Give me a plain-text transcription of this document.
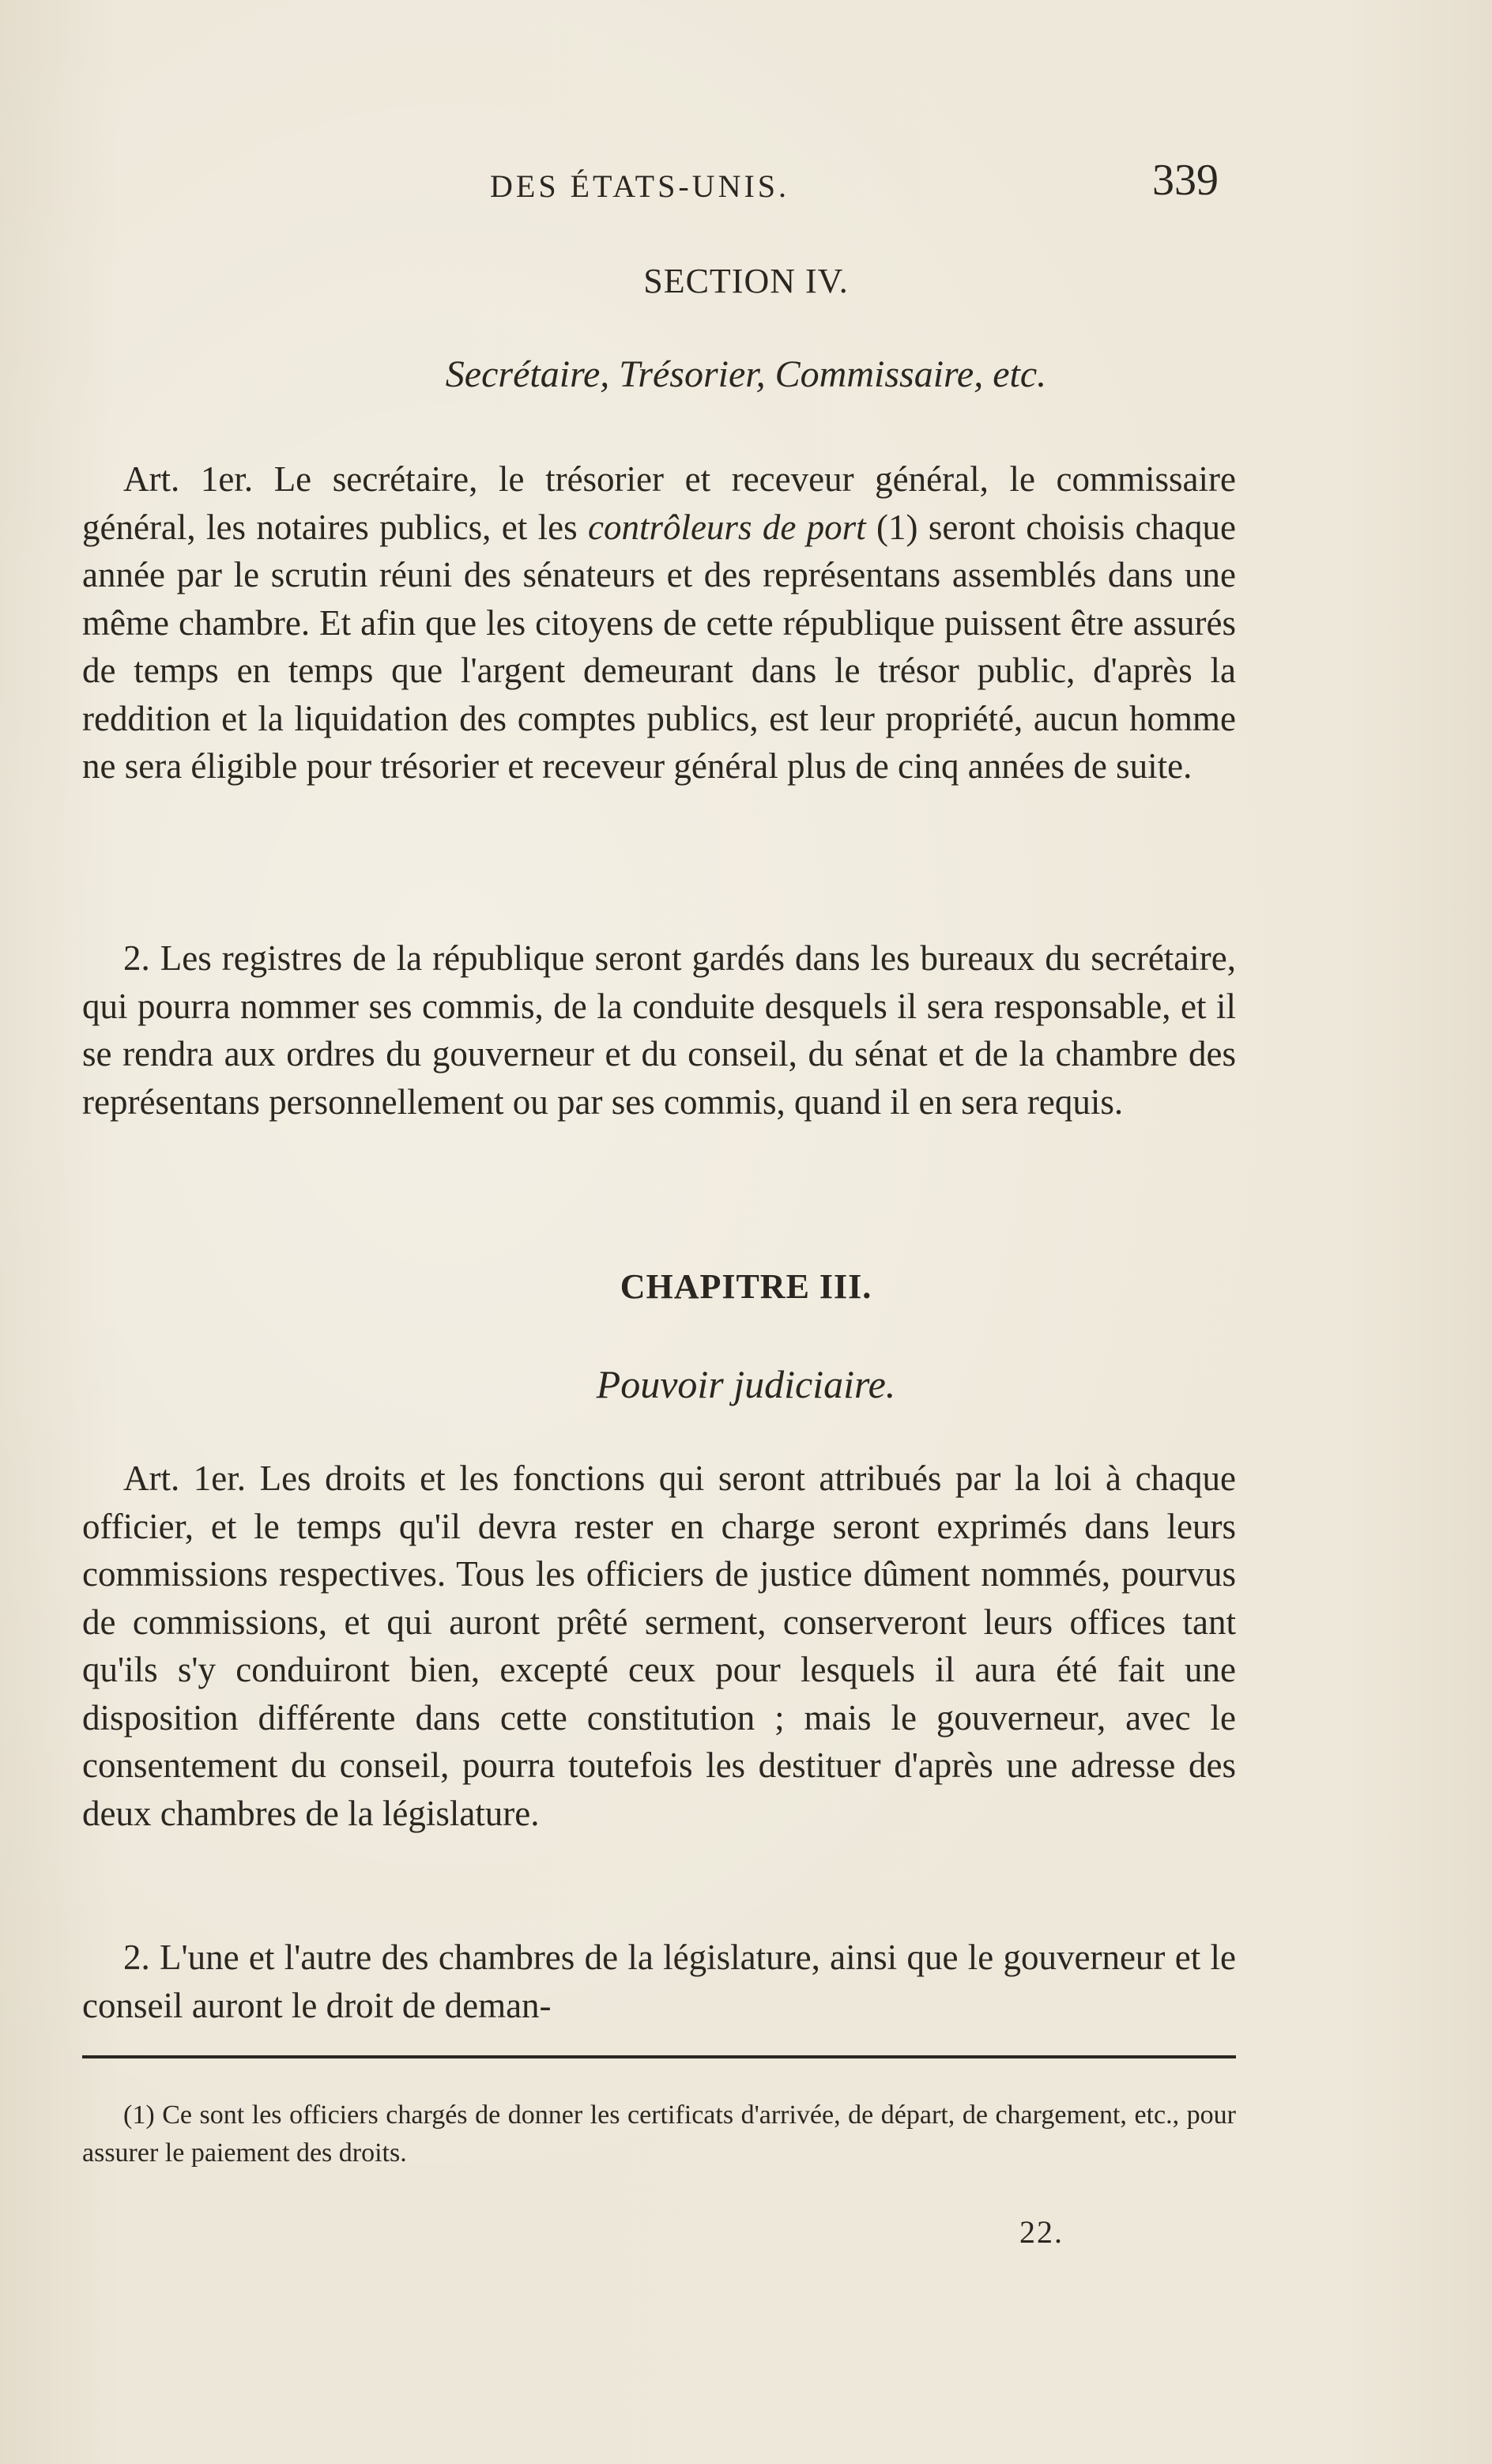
DES ÉTATS-UNIS.	339
SECTION IV.
Secrétaire, Trésorier, Commissaire, etc.

Art. 1er. Le secrétaire, le trésorier et receveur général, le commissaire général, les notaires publics, et les contrôleurs de port (1) seront choisis chaque année par le scrutin réuni des sénateurs et des représentans assemblés dans une même chambre. Et afin que les citoyens de cette république puissent être assurés de temps en temps que l'argent demeurant dans le trésor public, d'après la reddition et la liquidation des comptes publics, est leur propriété, aucun homme ne sera éligible pour trésorier et receveur général plus de cinq années de suite.

2. Les registres de la république seront gardés dans les bureaux du secrétaire, qui pourra nommer ses commis, de la conduite desquels il sera responsable, et il se rendra aux ordres du gouverneur et du conseil, du sénat et de la chambre des représentans personnellement ou par ses commis, quand il en sera requis.

CHAPITRE III.
Pouvoir judiciaire.

Art. 1er. Les droits et les fonctions qui seront attribués par la loi à chaque officier, et le temps qu'il devra rester en charge seront exprimés dans leurs commissions respectives. Tous les officiers de justice dûment nommés, pourvus de commissions, et qui auront prêté serment, conserveront leurs offices tant qu'ils s'y conduiront bien, excepté ceux pour lesquels il aura été fait une disposition différente dans cette constitution ; mais le gouverneur, avec le consentement du conseil, pourra toutefois les destituer d'après une adresse des deux chambres de la législature.

2. L'une et l'autre des chambres de la législature, ainsi que le gouverneur et le conseil auront le droit de deman-

(1) Ce sont les officiers chargés de donner les certificats d'arrivée, de départ, de chargement, etc., pour assurer le paiement des droits.

22.
